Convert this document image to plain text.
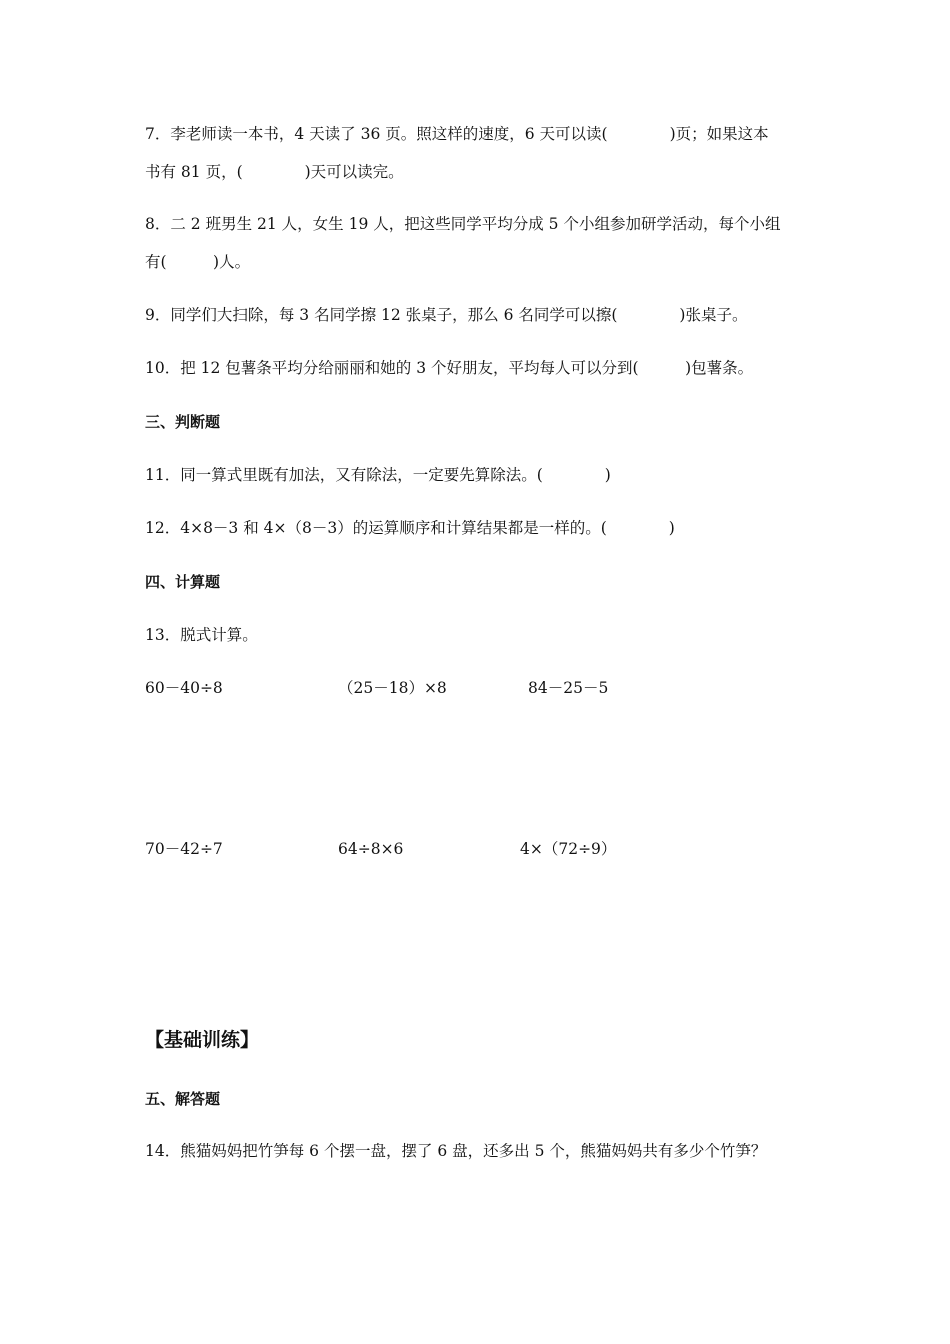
7．李老师读一本书，4 天读了 36 页。照这样的速度，6 天可以读(　　　　)页；如果这本
书有 81 页，(　　　　)天可以读完。
8．二 2 班男生 21 人，女生 19 人，把这些同学平均分成 5 个小组参加研学活动，每个小组
有(　　　)人。
9．同学们大扫除，每 3 名同学擦 12 张桌子，那么 6 名同学可以擦(　　　　)张桌子。
10．把 12 包薯条平均分给丽丽和她的 3 个好朋友，平均每人可以分到(　　　)包薯条。
三、判断题
11．同一算式里既有加法，又有除法，一定要先算除法。(　　　　)
12．4×8－3 和 4×（8－3）的运算顺序和计算结果都是一样的。(　　　　)
四、计算题
13．脱式计算。
60－40÷8	（25－18）×8	84－25－5
70－42÷7	64÷8×6	4×（72÷9）
【基础训练】
五、解答题
14．熊猫妈妈把竹笋每 6 个摆一盘，摆了 6 盘，还多出 5 个，熊猫妈妈共有多少个竹笋？
